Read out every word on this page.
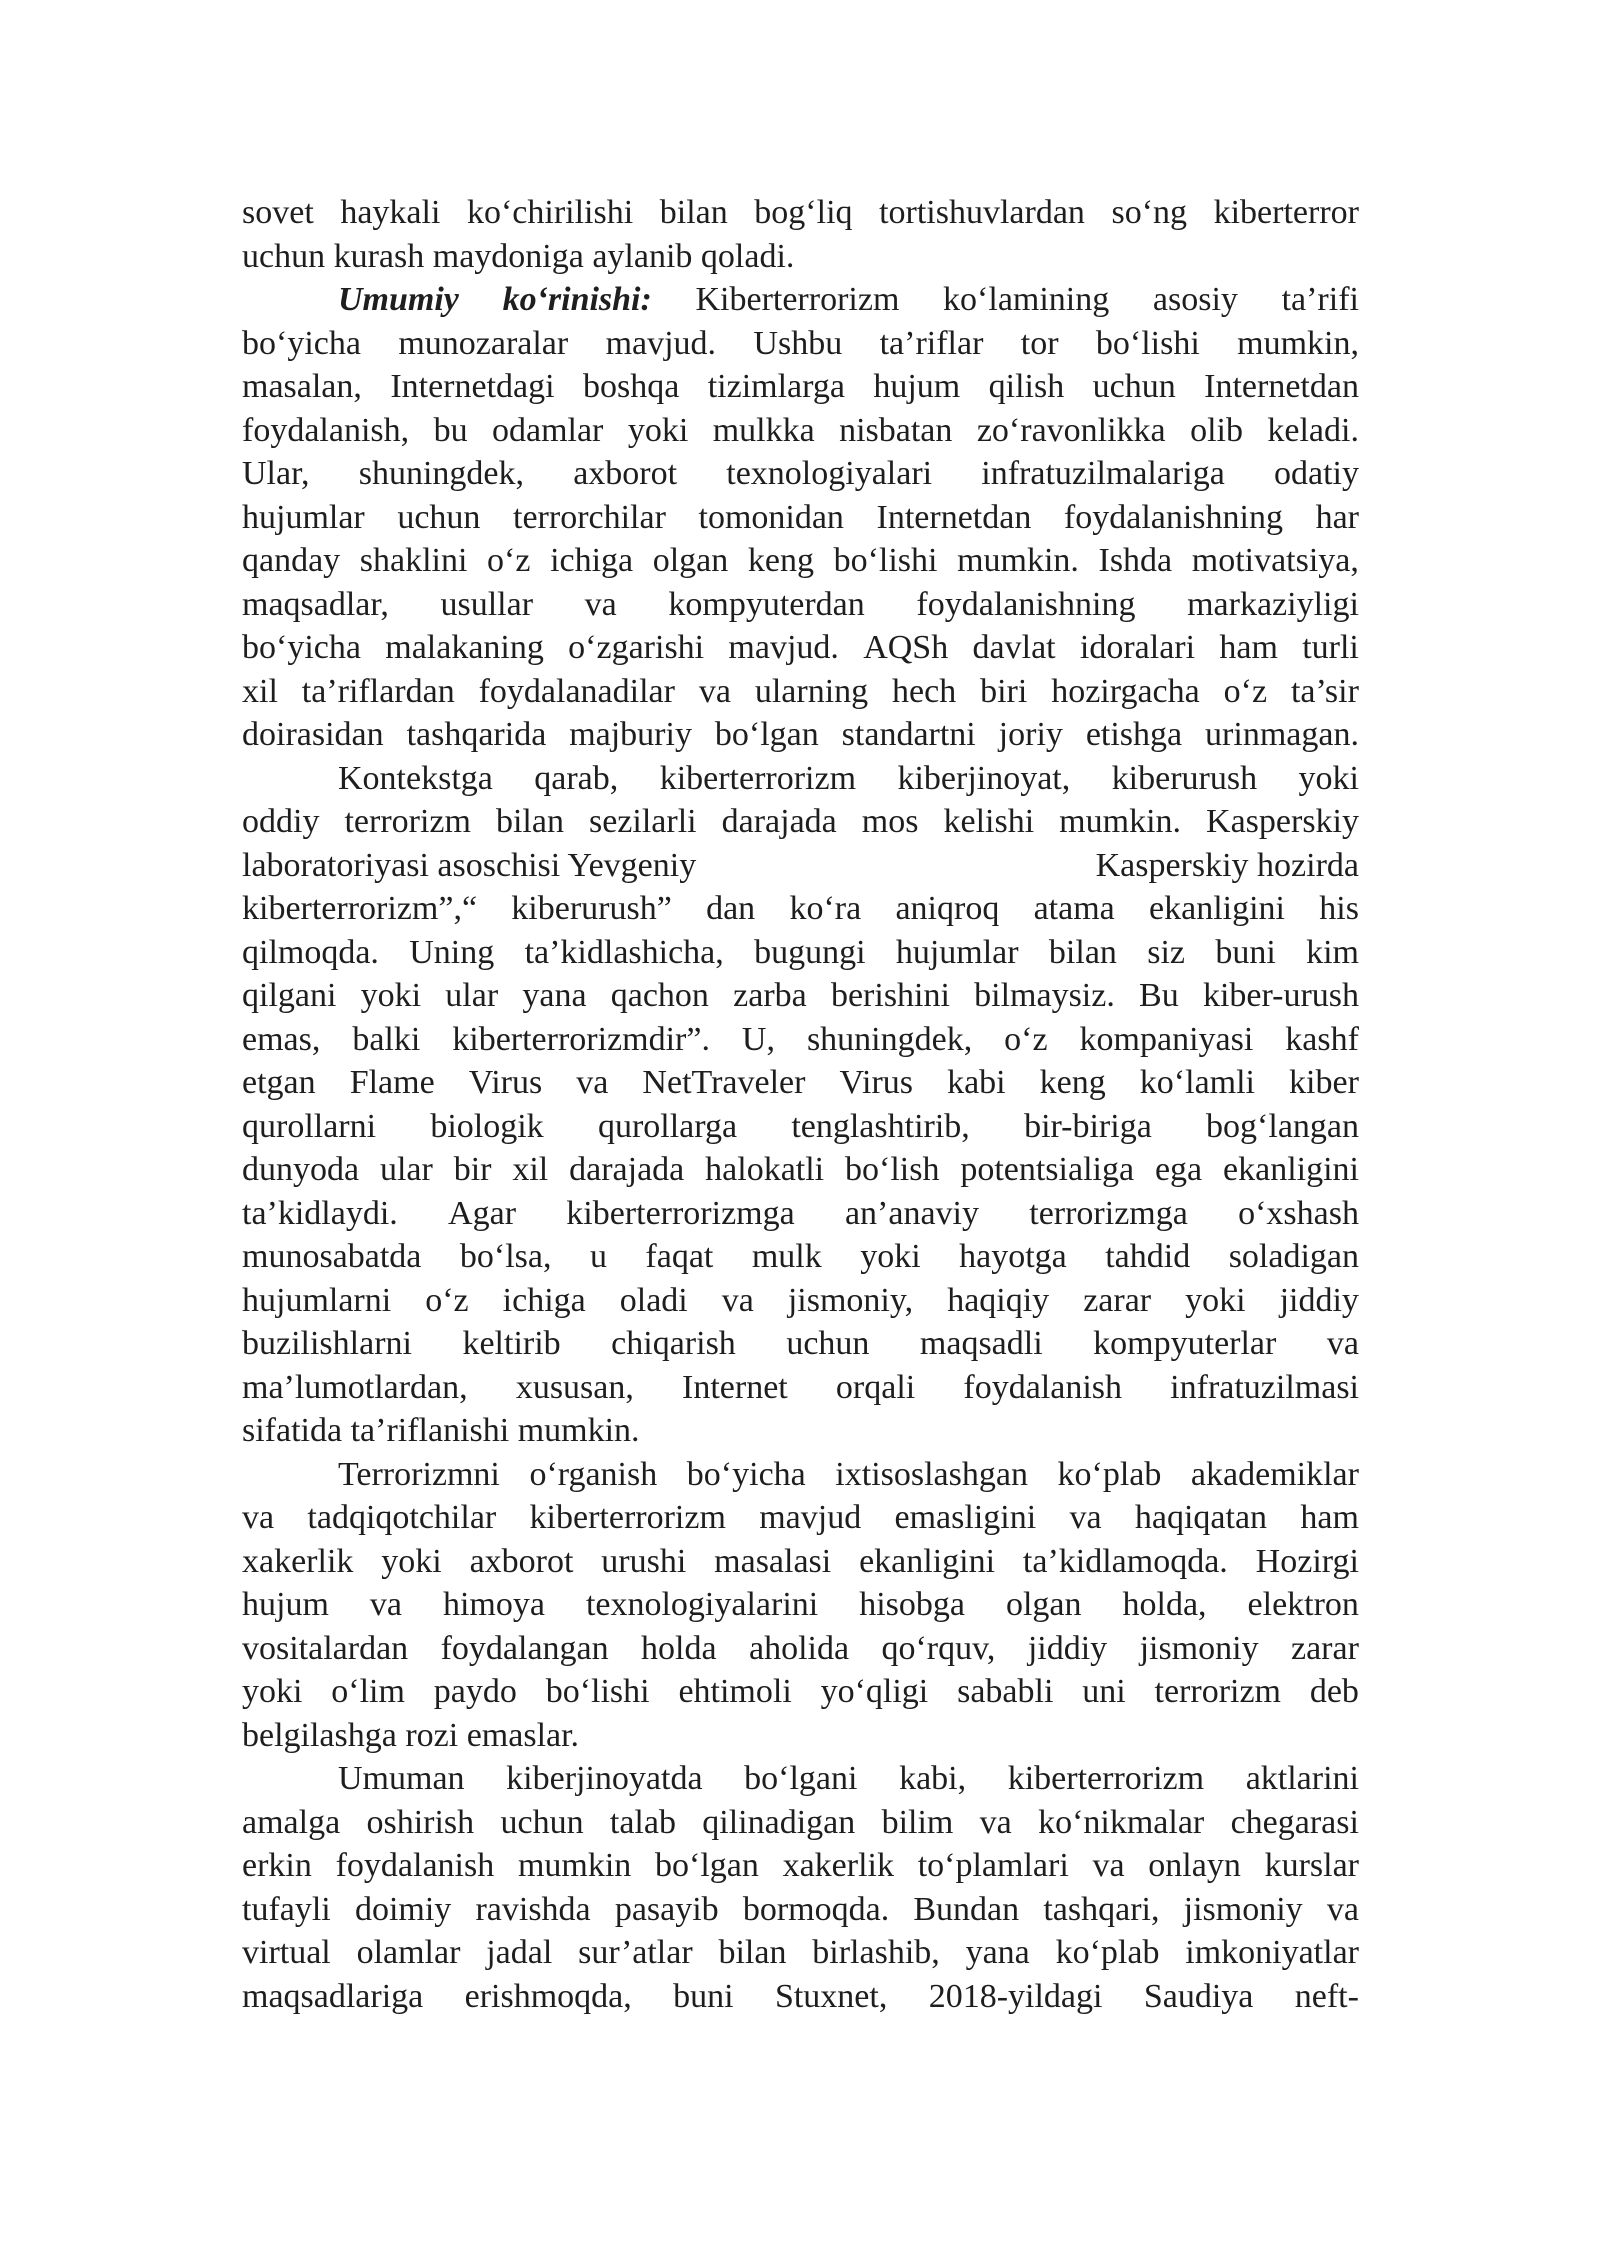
sovet haykali ko‘chirilishi bilan bog‘liq tortishuvlardan so‘ng kiberterror
uchun kurash maydoniga aylanib qoladi.
Umumiy ko‘rinishi: Kiberterrorizm ko‘lamining asosiy ta’rifi
bo‘yicha munozaralar mavjud. Ushbu ta’riflar tor bo‘lishi mumkin,
masalan, Internetdagi boshqa tizimlarga hujum qilish uchun Internetdan
foydalanish, bu odamlar yoki mulkka nisbatan zo‘ravonlikka olib keladi.
Ular, shuningdek, axborot texnologiyalari infratuzilmalariga odatiy
hujumlar uchun terrorchilar tomonidan Internetdan foydalanishning har
qanday shaklini o‘z ichiga olgan keng bo‘lishi mumkin. Ishda motivatsiya,
maqsadlar, usullar va kompyuterdan foydalanishning markaziyligi
bo‘yicha malakaning o‘zgarishi mavjud. AQSh davlat idoralari ham turli
xil ta’riflardan foydalanadilar va ularning hech biri hozirgacha o‘z ta’sir
doirasidan tashqarida majburiy bo‘lgan standartni joriy etishga urinmagan.
Kontekstga qarab, kiberterrorizm kiberjinoyat, kiberurush yoki
oddiy terrorizm bilan sezilarli darajada mos kelishi mumkin. Kasperskiy
laboratoriyasi asoschisi Yevgeniy	Kasperskiy hozirda
kiberterrorizm”,“ kiberurush” dan ko‘ra aniqroq atama ekanligini his
qilmoqda. Uning ta’kidlashicha, bugungi hujumlar bilan siz buni kim
qilgani yoki ular yana qachon zarba berishini bilmaysiz. Bu kiber-urush
emas, balki kiberterrorizmdir”. U, shuningdek, o‘z kompaniyasi kashf
etgan Flame Virus va NetTraveler Virus kabi keng ko‘lamli kiber
qurollarni biologik qurollarga tenglashtirib, bir-biriga bog‘langan
dunyoda ular bir xil darajada halokatli bo‘lish potentsialiga ega ekanligini
ta’kidlaydi. Agar kiberterrorizmga an’anaviy terrorizmga o‘xshash
munosabatda bo‘lsa, u faqat mulk yoki hayotga tahdid soladigan
hujumlarni o‘z ichiga oladi va jismoniy, haqiqiy zarar yoki jiddiy
buzilishlarni keltirib chiqarish uchun maqsadli kompyuterlar va
ma’lumotlardan, xususan, Internet orqali foydalanish infratuzilmasi
sifatida ta’riflanishi mumkin.
Terrorizmni o‘rganish bo‘yicha ixtisoslashgan ko‘plab akademiklar
va tadqiqotchilar kiberterrorizm mavjud emasligini va haqiqatan ham
xakerlik yoki axborot urushi masalasi ekanligini ta’kidlamoqda. Hozirgi
hujum va himoya texnologiyalarini hisobga olgan holda, elektron
vositalardan foydalangan holda aholida qo‘rquv, jiddiy jismoniy zarar
yoki o‘lim paydo bo‘lishi ehtimoli yo‘qligi sababli uni terrorizm deb
belgilashga rozi emaslar.
Umuman kiberjinoyatda bo‘lgani kabi, kiberterrorizm aktlarini
amalga oshirish uchun talab qilinadigan bilim va ko‘nikmalar chegarasi
erkin foydalanish mumkin bo‘lgan xakerlik to‘plamlari va onlayn kurslar
tufayli doimiy ravishda pasayib bormoqda. Bundan tashqari, jismoniy va
virtual olamlar jadal sur’atlar bilan birlashib, yana ko‘plab imkoniyatlar
maqsadlariga erishmoqda, buni Stuxnet, 2018-yildagi Saudiya neft-
